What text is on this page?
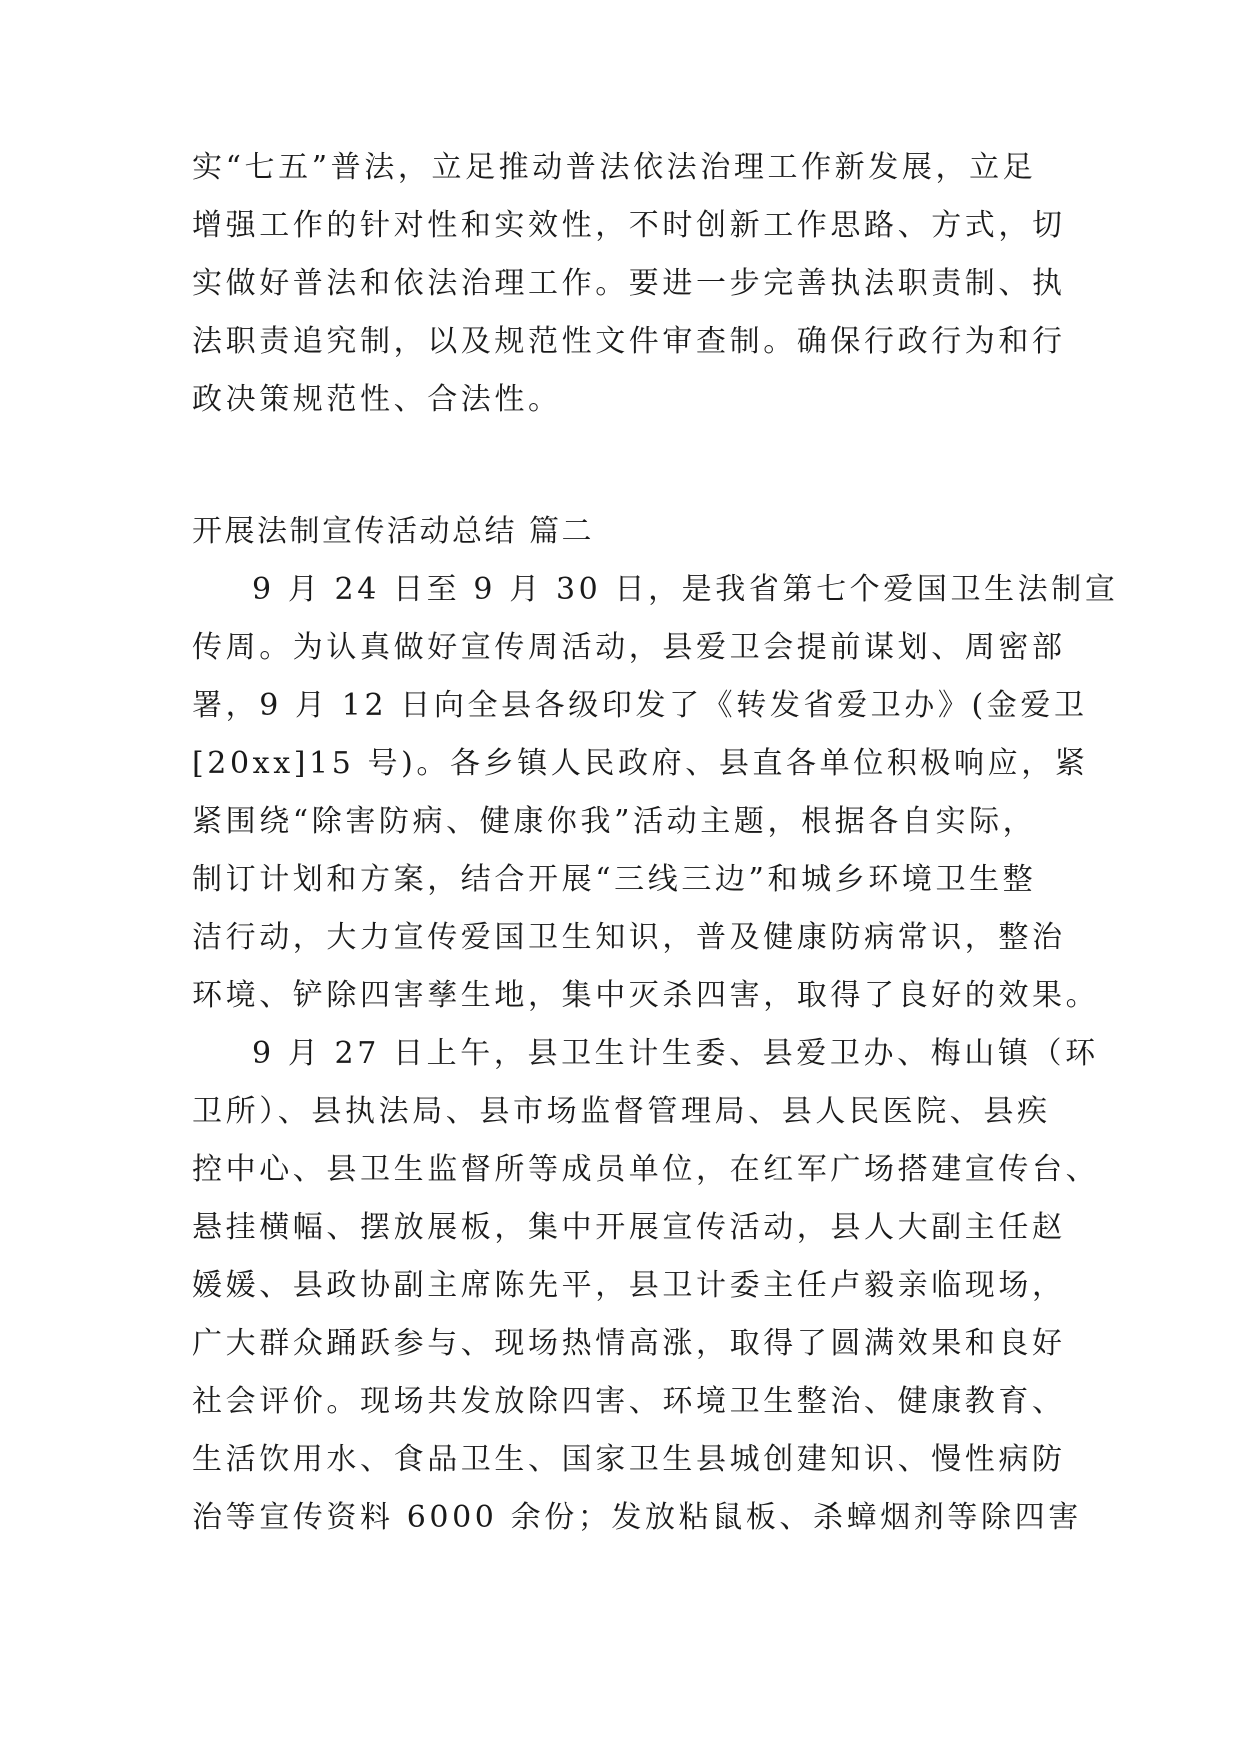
实“七五”普法，立足推动普法依法治理工作新发展，立足
增强工作的针对性和实效性，不时创新工作思路、方式，切
实做好普法和依法治理工作。要进一步完善执法职责制、执
法职责追究制，以及规范性文件审查制。确保行政行为和行
政决策规范性、合法性。
开展法制宣传活动总结 篇二
9 月 24 日至 9 月 30 日，是我省第七个爱国卫生法制宣
传周。为认真做好宣传周活动，县爱卫会提前谋划、周密部
署，9 月 12 日向全县各级印发了《转发省爱卫办》(金爱卫
[20xx]15 号)。各乡镇人民政府、县直各单位积极响应，紧
紧围绕“除害防病、健康你我”活动主题，根据各自实际，
制订计划和方案，结合开展“三线三边”和城乡环境卫生整
洁行动，大力宣传爱国卫生知识，普及健康防病常识，整治
环境、铲除四害孳生地，集中灭杀四害，取得了良好的效果。
9 月 27 日上午，县卫生计生委、县爱卫办、梅山镇（环
卫所）、县执法局、县市场监督管理局、县人民医院、县疾
控中心、县卫生监督所等成员单位，在红军广场搭建宣传台、
悬挂横幅、摆放展板，集中开展宣传活动，县人大副主任赵
媛媛、县政协副主席陈先平，县卫计委主任卢毅亲临现场，
广大群众踊跃参与、现场热情高涨，取得了圆满效果和良好
社会评价。现场共发放除四害、环境卫生整治、健康教育、
生活饮用水、食品卫生、国家卫生县城创建知识、慢性病防
治等宣传资料 6000 余份；发放粘鼠板、杀蟑烟剂等除四害
